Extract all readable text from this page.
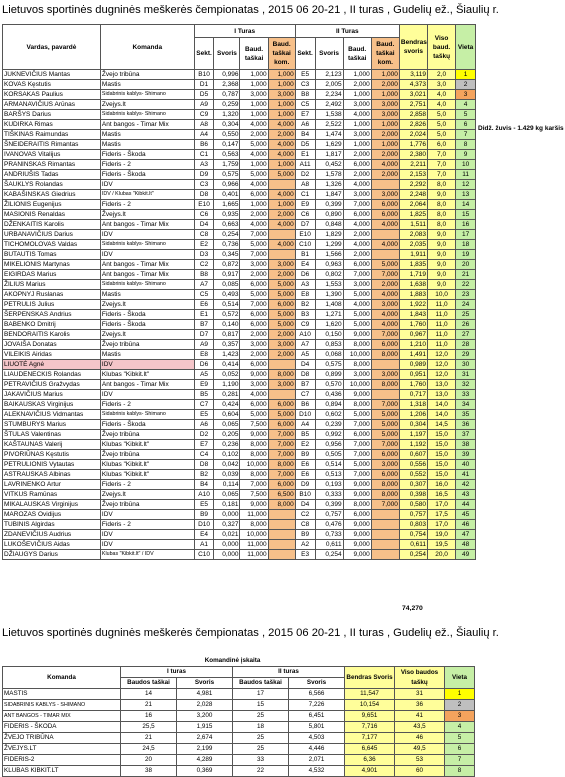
Lietuvos sportinės dugninės meškerės čempionatas , 2015 06 20-21 , II turas , Gudelių ež., Šiaulių r.
Vardas, pavardė	Komanda	I Turas				II Turas				Bendras svoris	Viso baud. taškų	Vieta
		Sekt.	Svoris	Baud. taškai	Baud. taškai kom.	Sekt.	Svoris	Baud. taškai	Baud. taškai kom.			
JUKNEVIČIUS Mantas	Žvejo tribūna	B10	0,996	1,000	1,000	E5	2,123	1,000	1,000	3,119	2,0	1
KOVAS Kęstutis	Mastis	D1	2,368	1,000	1,000	C3	2,005	2,000	2,000	4,373	3,0	2
KORSAKAS Paulius	Sidabrinis kablys- Shimano	D5	0,787	3,000	3,000	B8	2,234	1,000	1,000	3,021	4,0	3
ARMANAVIČIUS Arūnas	Zvejys.lt	A9	0,259	1,000	1,000	C5	2,492	3,000	3,000	2,751	4,0	4
BARŠYS Darius	Sidabrinis kablys- Shimano	C9	1,320	1,000	1,000	E7	1,538	4,000	3,000	2,858	5,0	5
KUDIRKA Rimas	Ant bangos - Timar Mix	A8	0,304	4,000	4,000	A6	2,522	1,000	1,000	2,826	5,0	6
TIŠKINAS Raimundas	Mastis	A4	0,550	2,000	2,000	B4	1,474	3,000	2,000	2,024	5,0	7
ŠNEIDERAITIS Rimantas	Mastis	B6	0,147	5,000	4,000	D5	1,629	1,000	1,000	1,776	6,0	8
IVANOVAS Vitalijus	Fideris - Škoda	C1	0,563	4,000	4,000	E1	1,817	2,000	2,000	2,380	7,0	9
PRANINSKAS Rimantas	Fideris - 2	A3	1,759	1,000	1,000	A11	0,452	6,000	4,000	2,211	7,0	10
ANDRIUŠIS Tadas	Fideris - Škoda	D9	0,575	5,000	5,000	D2	1,578	2,000	2,000	2,153	7,0	11
ŠAUKLYS Rolandas	IDV	C3	0,966	4,000		A8	1,326	4,000		2,292	8,0	12
KABAŠINSKAS Giedrius	IDV / Klubas "Kibkit.lt"	D8	0,401	6,000	4,000	C1	1,847	3,000	3,000	2,248	9,0	13
ŽILIONIS Eugenijus	Fideris - 2	E10	1,665	1,000	1,000	E9	0,399	7,000	6,000	2,064	8,0	14
MASIONIS Renaldas	Žvejys.lt	C6	0,935	2,000	2,000	C6	0,890	6,000	6,000	1,825	8,0	15
DŽENKAITIS Karolis	Ant bangos - Timar Mix	D4	0,663	4,000	4,000	D7	0,848	4,000	4,000	1,511	8,0	16
URBANAVIČIUS Darius	IDV	C8	0,254	7,000		E10	1,829	2,000		2,083	9,0	17
TICHOMOLOVAS Valdas	Sidabrinis kablys- Shimano	E2	0,736	5,000	4,000	C10	1,299	4,000	4,000	2,035	9,0	18
BUTAUTIS Tomas	IDV	D3	0,345	7,000		B1	1,566	2,000		1,911	9,0	19
MIKELIONIS Martynas	Ant bangos - Timar Mix	C2	0,872	3,000	3,000	E4	0,963	6,000	5,000	1,835	9,0	20
EIGIRDAS Marius	Ant bangos - Timar Mix	B8	0,917	2,000	2,000	D6	0,802	7,000	7,000	1,719	9,0	21
ŽILIUS Marius	Sidabrinis kablys- Shimano	A7	0,085	6,000	5,000	A3	1,553	3,000	2,000	1,638	9,0	22
AKOPNYJ Ruslanas	Mastis	C5	0,493	5,000	5,000	E8	1,390	5,000	4,000	1,883	10,0	23
PETRULIS Julius	Zvejys.lt	E6	0,514	7,000	6,000	B2	1,408	4,000	3,000	1,922	11,0	24
ŠERPENSKAS Andrius	Fideris - Škoda	E1	0,572	6,000	5,000	B3	1,271	5,000	4,000	1,843	11,0	25
BABENKO Dmitrij	Fideris - Škoda	B7	0,140	6,000	5,000	C9	1,620	5,000	4,000	1,760	11,0	26
BENDORAITIS Karolis	Zvejys.lt	D7	0,817	2,000	2,000	A10	0,150	9,000	7,000	0,967	11,0	27
JOVAIŠA Donatas	Žvejo tribūna	A9	0,357	3,000	3,000	A7	0,853	8,000	6,000	1,210	11,0	28
VILEIKIS Airidas	Mastis	E8	1,423	2,000	2,000	A5	0,068	10,000	8,000	1,491	12,0	29
LIUOTĖ Agnė	IDV	D6	0,414	6,000		D4	0,575	8,000		0,989	12,0	30
LIAUDENECKIS Rolandas	Klubas "Kibkit.lt"	A5	0,052	9,000	8,000	D8	0,899	3,000	3,000	0,951	12,0	31
PETRAVIČIUS Gražvydas	Ant bangos - Timar Mix	E9	1,190	3,000	3,000	B7	0,570	10,000	8,000	1,760	13,0	32
JAKAVIČIUS Marius	IDV	B5	0,281	4,000		C7	0,436	9,000		0,717	13,0	33
BAIKAUSKAS Virginijus	Fideris - 2	C7	0,424	6,000	6,000	B6	0,894	8,000	7,000	1,318	14,0	34
ALEKNAVIČIUS Vidmantas	Sidabrinis kablys- Shimano	E5	0,604	5,000	5,000	D10	0,602	5,000	5,000	1,206	14,0	35
STUMBURYS Marius	Fideris - Škoda	A6	0,065	7,500	6,000	A4	0,239	7,000	5,000	0,304	14,5	36
ŠTULAS Valentinas	Žvejo tribūna	D2	0,205	9,000	7,000	B5	0,992	6,000	5,000	1,197	15,0	37
KAŠTAUNAS Valerij	Klubas "Kibkit.lt"	E7	0,236	8,000	7,000	E2	0,956	7,000	7,000	1,192	15,0	38
PIVORIŪNAS Kęstutis	Žvejo tribūna	C4	0,102	8,000	7,000	B9	0,505	7,000	6,000	0,607	15,0	39
PETRULIONIS Vytautas	Klubas "Kibkit.lt"	D8	0,042	10,000	8,000	E6	0,514	5,000	3,000	0,556	15,0	40
ASTRAUSKAS Albinas	Klubas "Kibkit.lt"	B2	0,039	8,000	7,000	E6	0,513	7,000	6,000	0,552	15,0	41
LAVRINENKO Artur	Fideris - 2	B4	0,114	7,000	6,000	D9	0,193	9,000	8,000	0,307	16,0	42
VITKUS Ramūnas	Zvejys.lt	A10	0,065	7,500	6,500	B10	0,333	9,000	8,000	0,398	16,5	43
MIKALAUSKAS Virginijus	Žvejo tribūna	E5	0,181	9,000	8,000	D4	0,399	8,000	7,000	0,580	17,0	44
MAROZAS Ovidijus	IDV	B9	0,000	11,000		C2	0,757	6,000		0,757	17,5	45
TUBINIS Algirdas	Fideris - 2	D10	0,327	8,000		C8	0,476	9,000		0,803	17,0	46
ZDANEVIČIUS Audrius	IDV	E4	0,021	10,000		B9	0,733	9,000		0,754	19,0	47
LUKOŠEVIČIUS Aidas	IDV	A1	0,000	11,000		A2	0,611	9,000		0,611	19,5	48
DŽIAUGYS Darius	Klubas "Kibkit.lt" / IDV	C10	0,000	11,000		E3	0,254	9,000		0,254	20,0	49
Didž. žuvis - 1.429 kg karšis
74,270
Lietuvos sportinės dugninės meškerės čempionatas , 2015 06 20-21 , II turas , Gudelių ež., Šiaulių r.
	Komandinė įskaita						
Komanda	I turas		II turas		Bendras Svoris	Viso baudos taškų	Vieta
	Baudos taškai	Svoris	Baudos taškai	Svoris			
MASTIS	14	4,981	17	6,566	11,547	31	1
SIDABRINIS KABLYS - SHIMANO	21	2,028	15	7,226	10,154	36	2
ANT BANGOS - TIMAR MIX	16	3,200	25	6,451	9,651	41	3
FIDERIS - ŠKODA	25,5	1,915	18	5,801	7,716	43,5	4
ŽVEJO TRIBŪNA	21	2,674	25	4,503	7,177	46	5
ŽVEJYS.LT	24,5	2,199	25	4,446	6,645	49,5	6
FIDERIS-2	20	4,289	33	2,071	6,36	53	7
KLUBAS KIBKIT.LT	38	0,369	22	4,532	4,901	60	8
